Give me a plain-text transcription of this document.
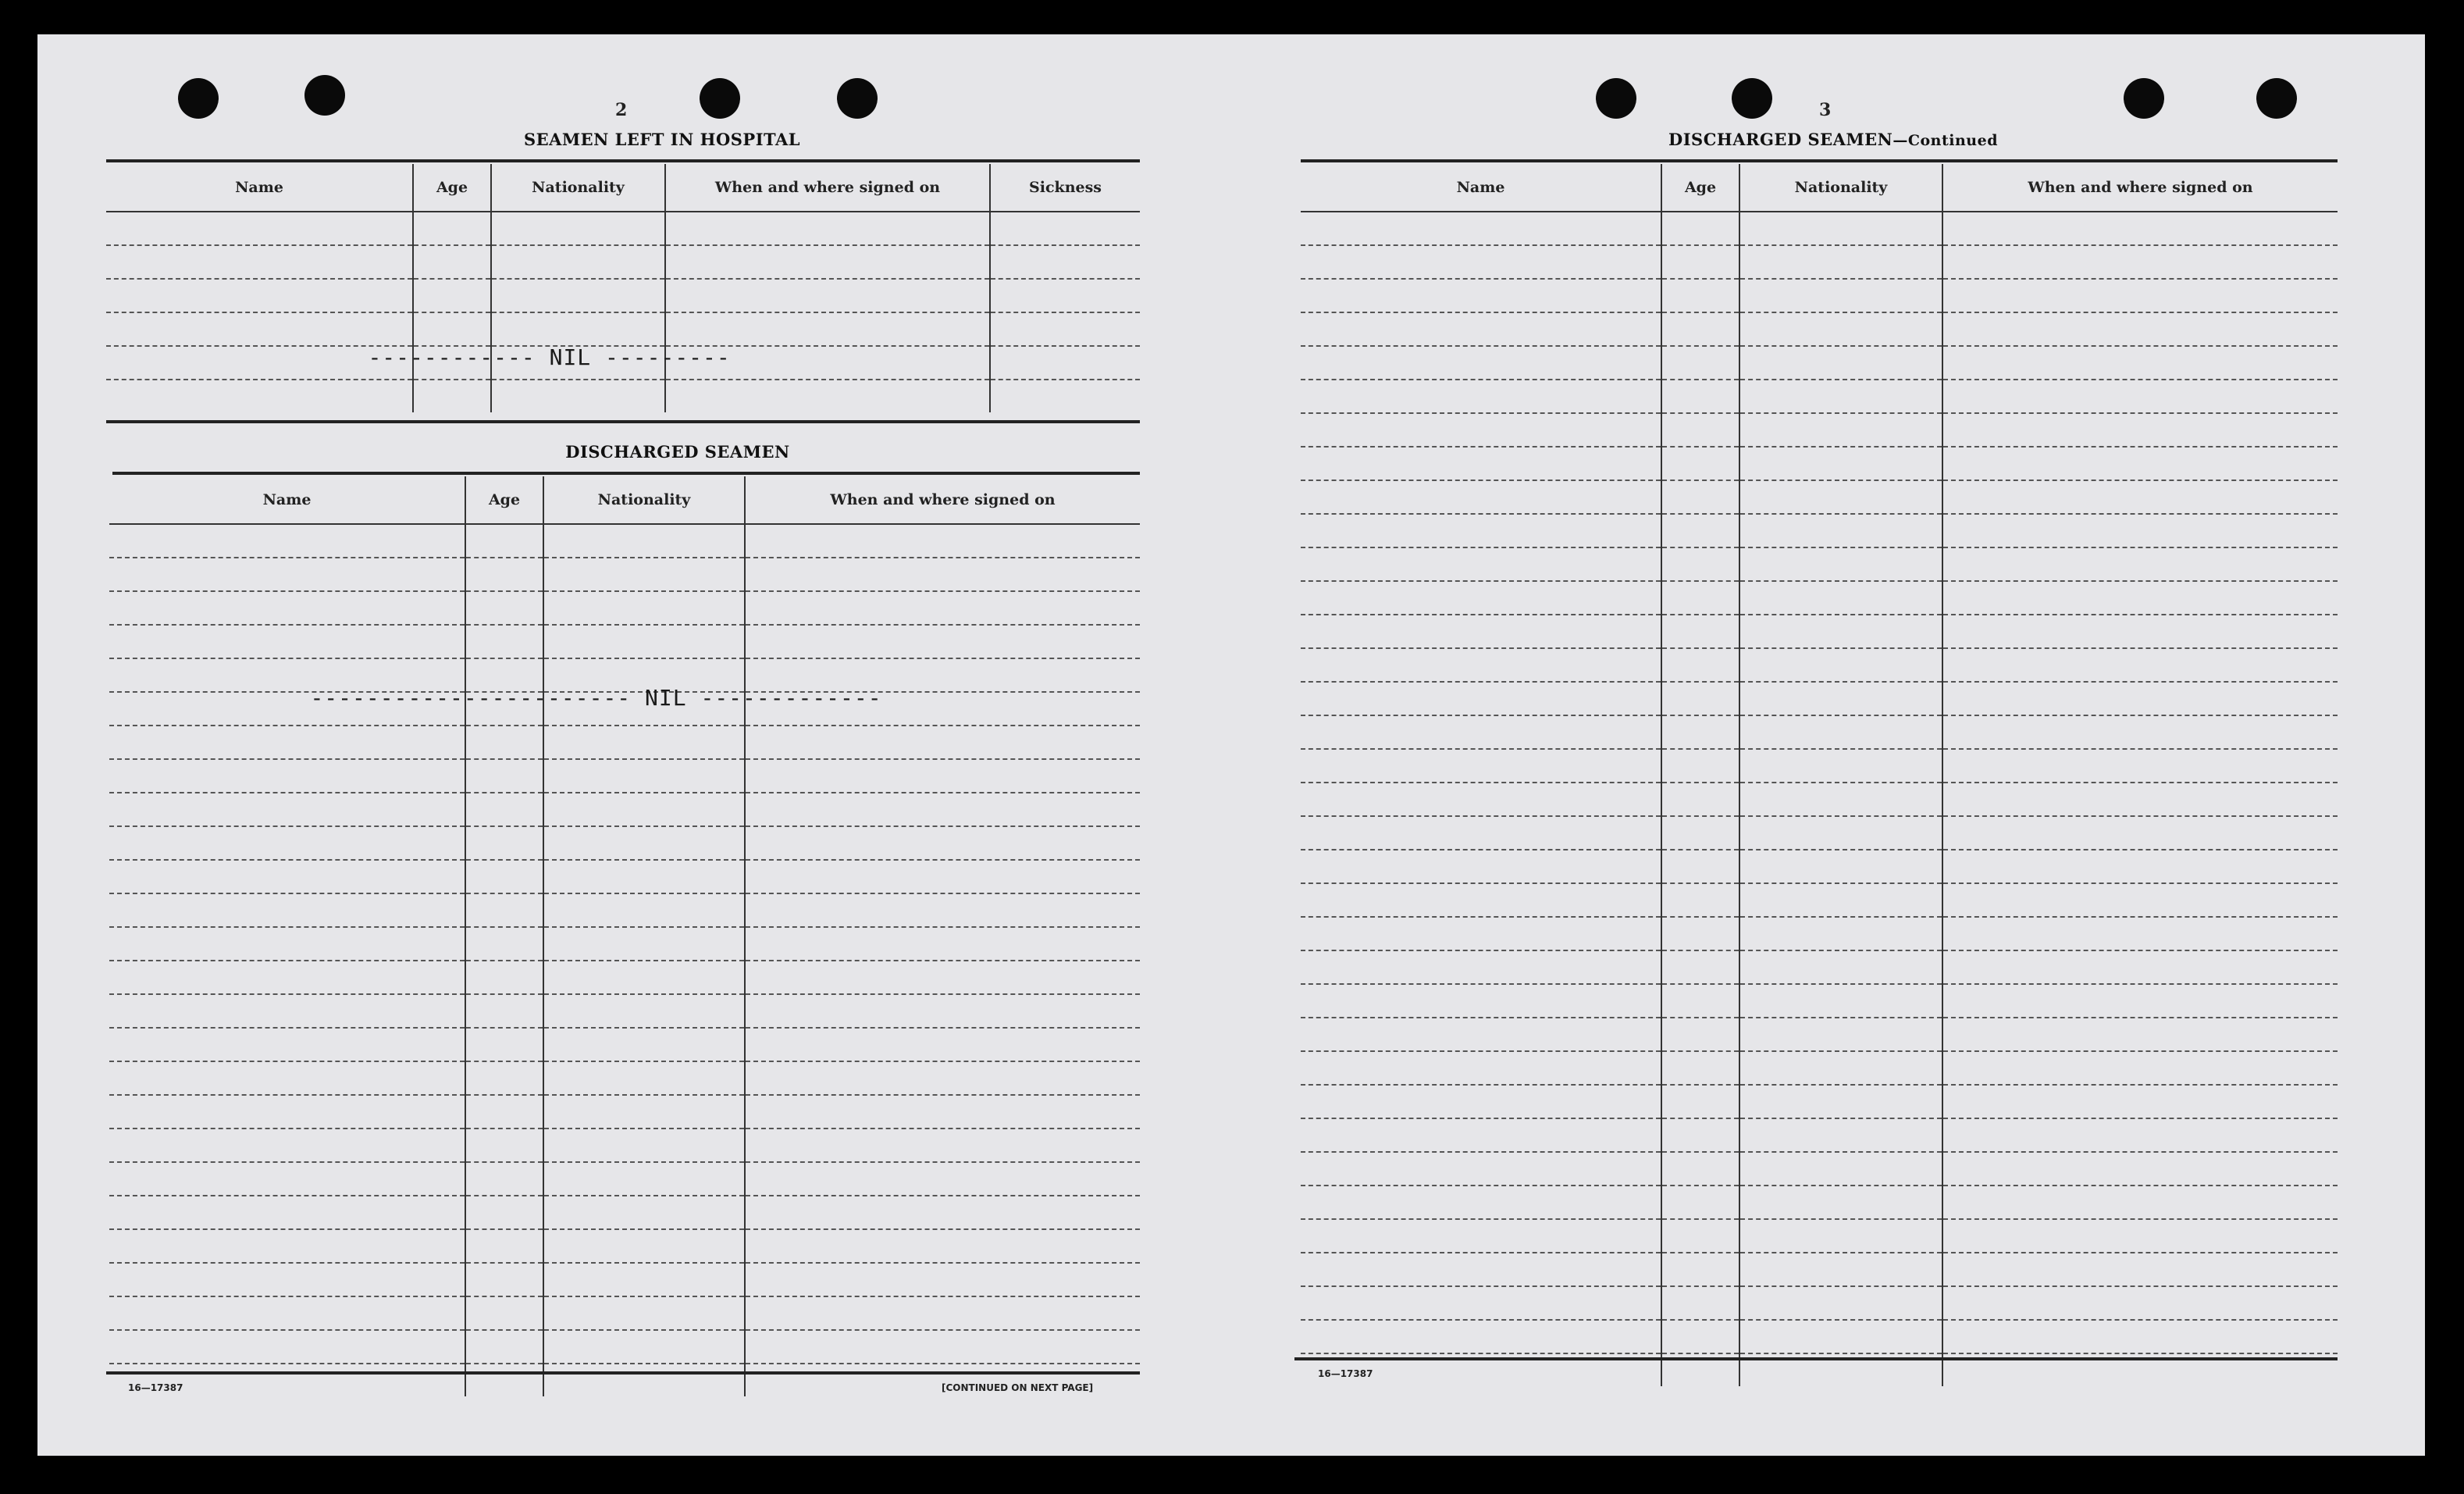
2
SEAMEN LEFT IN HOSPITAL
Name	Age	Nationality	When and where signed on	Sickness

------------ NIL ---------

DISCHARGED SEAMEN
Name	Age	Nationality	When and where signed on

----------------------- NIL -------------

16—17387	[CONTINUED ON NEXT PAGE]
3
DISCHARGED SEAMEN—Continued
Name	Age	Nationality	When and where signed on

16—17387
